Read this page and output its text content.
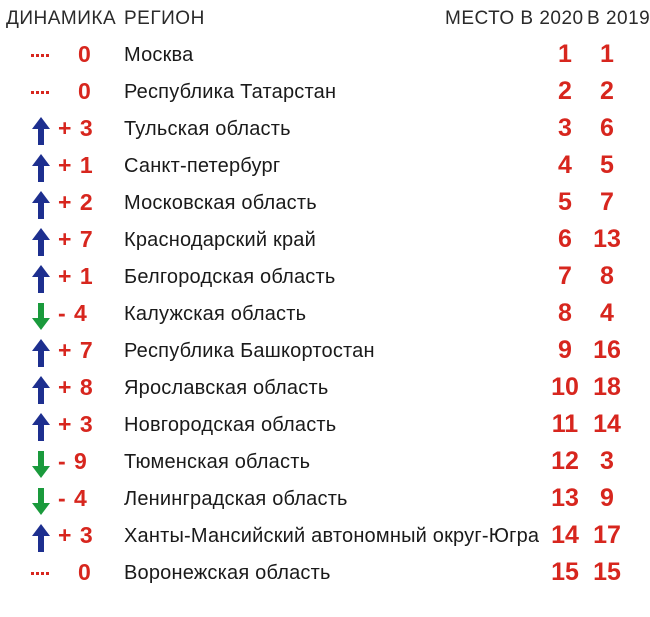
ДИНАМИКА РЕГИОН	МЕСТО В 2020 В 2019
0	Москва	1	1
0	Республика Татарстан	2	2
+ 3 Тульская область	3	6
+ 1 Санкт-петербург	4	5
+ 2 Московская область	5	7
+ 7 Краснодарский край	6 13
+ 1 Белгородская область	7	8
- 4	Калужская область	8	4
+ 7 Республика Башкортостан	9 16
+ 8 Ярославская область	10 18
+ 3 Новгородская область	11 14
- 9	Тюменская область	12 3
- 4	Ленинградская область	13 9
+ 3 Ханты-Мансийский автономный округ-Югра 14 17
0	Воронежская область	15 15
